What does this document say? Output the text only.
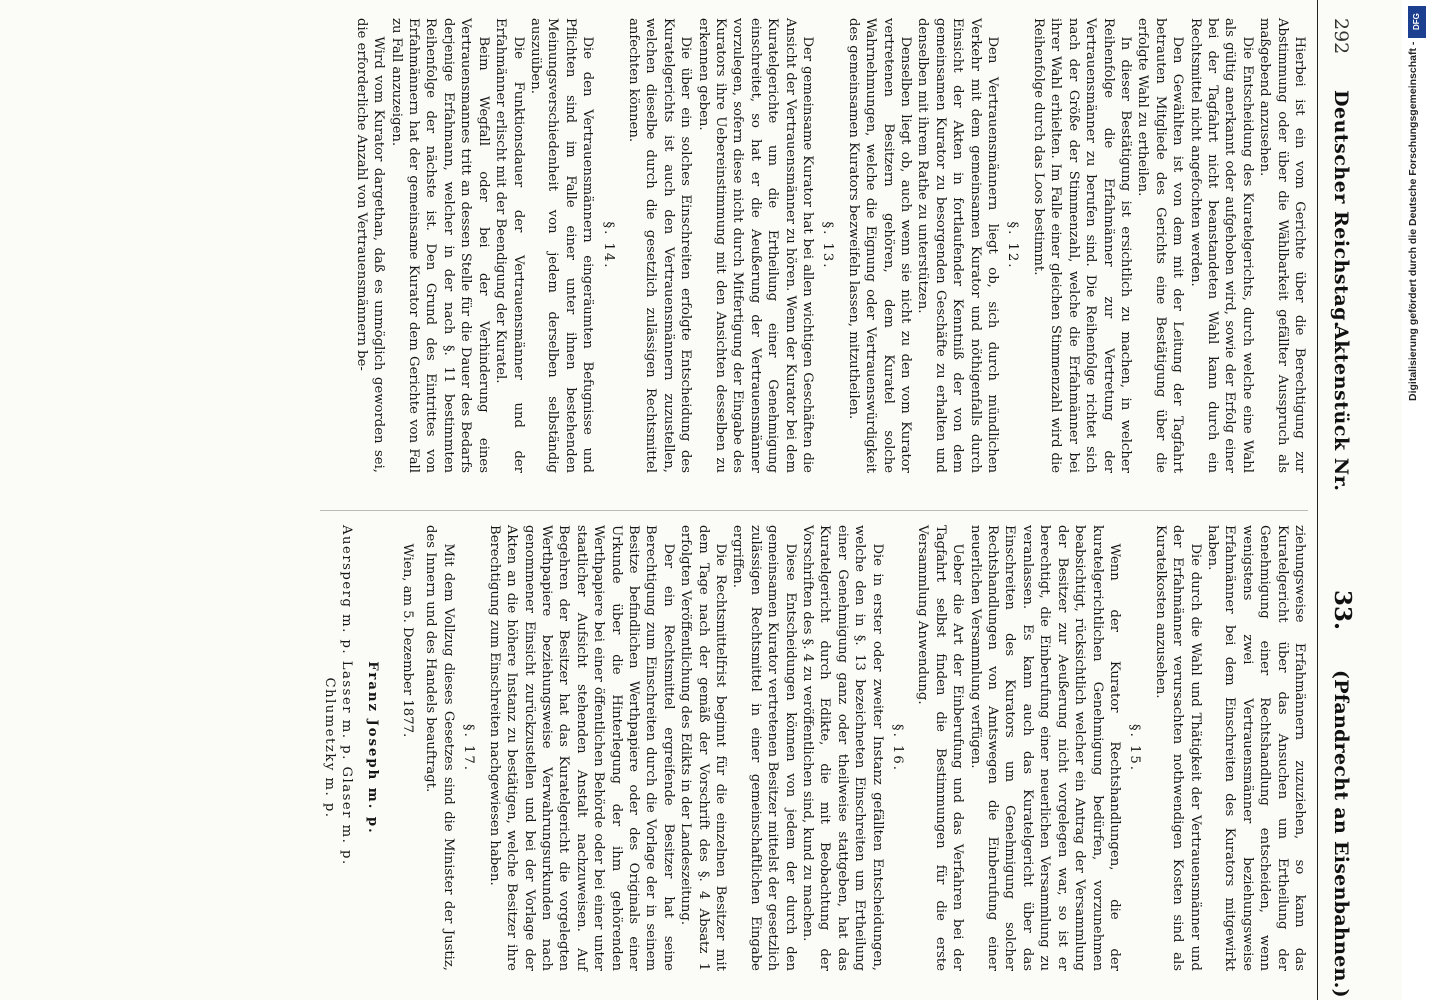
292
Deutscher Reichstag.
Aktenstück Nr.
33.
(Pfandrecht an Eisenbahnen.)

Hierbei ist ein vom Gerichte über die Berechtigung zur Abstimmung oder über die Wählbarkeit gefällter Ausspruch als maßgebend anzusehen.

Die Entscheidung des Kuratelgerichts, durch welche eine Wahl als gültig anerkannt oder aufgehoben wird, sowie der Erfolg einer bei der Tagfahrt nicht beanstandeten Wahl kann durch ein Rechtsmittel nicht angefochten werden.

Den Gewählten ist von dem mit der Leitung der Tagfahrt betrauten Mitgliede des Gerichts eine Bestätigung über die erfolgte Wahl zu ertheilen.

In dieser Bestätigung ist ersichtlich zu machen, in welcher Reihenfolge die Erfahmänner zur Vertretung der Vertrauensmänner zu berufen sind. Die Reihenfolge richtet sich nach der Größe der Stimmenzahl, welche die Erfahmänner bei ihrer Wahl erhielten. Im Falle einer gleichen Stimmenzahl wird die Reihenfolge durch das Loos bestimmt.

§. 12.

Den Vertrauensmännern liegt ob, sich durch mündlichen Verkehr mit dem gemeinsamen Kurator und nöthigenfalls durch Einsicht der Akten in fortlaufender Kenntniß der von dem gemeinsamen Kurator zu besorgenden Geschäfte zu erhalten und denselben mit ihrem Rathe zu unterstützen.

Denselben liegt ob, auch wenn sie nicht zu den vom Kurator vertretenen Besitzern gehören, dem Kuratel solche Wahrnehmungen, welche die Eignung oder Vertrauenswürdigkeit des gemeinsamen Kurators bezweifeln lassen, mitzutheilen.

§. 13.

Der gemeinsame Kurator hat bei allen wichtigen Geschäften die Ansicht der Vertrauensmänner zu hören. Wenn der Kurator bei dem Kuratelgerichte um die Ertheilung einer Genehmigung einschreitet, so hat er die Aeußerung der Vertrauensmänner vorzulegen, sofern diese nicht durch Mitfertigung der Eingabe des Kurators ihre Uebereinstimmung mit den Ansichten desselben zu erkennen geben.

Die über ein solches Einschreiten erfolgte Entscheidung des Kuratelgerichts ist auch den Vertrauensmännern zuzustellen, welchen dieselbe durch die gesetzlich zulässigen Rechtsmittel anfechten können.

§. 14.

Die den Vertrauensmännern eingeräumten Befugnisse und Pflichten sind im Falle einer unter ihnen bestehenden Meinungsverschiedenheit von jedem derselben selbständig auszuüben.

Die Funktionsdauer der Vertrauensmänner und der Erfahmänner erlischt mit der Beendigung der Kuratel.

Beim Wegfall oder bei der Verhinderung eines Vertrauensmannes tritt an dessen Stelle für die Dauer des Bedarfs derjenige Erfahmann, welcher in der nach §. 11 bestimmten Reihenfolge der nächste ist. Den Grund des Eintrittes von Erfahmännern hat der gemeinsame Kurator dem Gerichte von Fall zu Fall anzuzeigen.

Wird vom Kurator dargethan, daß es unmöglich geworden sei, die erforderliche Anzahl von Vertrauensmännern be-

ziehungsweise Erfahmännern zuzuziehen, so kann das Kuratelgericht über das Ansuchen um Ertheilung der Genehmigung einer Rechtshandlung entscheiden, wenn wenigstens zwei Vertrauensmänner beziehungsweise Erfahmänner bei dem Einschreiten des Kurators mitgewirkt haben.

Die durch die Wahl und Thätigkeit der Vertrauensmänner und der Erfahmänner verursachten nothwendigen Kosten sind als Kuratelkosten anzusehen.

§. 15.

Wenn der Kurator Rechtshandlungen, die der kuratelgerichtlichen Genehmigung bedürfen, vorzunehmen beabsichtigt, rücksichtlich welcher ein Antrag der Versammlung der Besitzer zur Aeußerung nicht vorgelegen war, so ist er berechtigt, die Einberufung einer neuerlichen Versammlung zu veranlassen. Es kann auch das Kuratelgericht über das Einschreiten des Kurators um Genehmigung solcher Rechtshandlungen von Amtswegen die Einberufung einer neuerlichen Versammlung verfügen.

Ueber die Art der Einberufung und das Verfahren bei der Tagfahrt selbst finden die Bestimmungen für die erste Versammlung Anwendung.

§. 16.

Die in erster oder zweiter Instanz gefällten Entscheidungen, welche den in §. 13 bezeichneten Einschreiten um Ertheilung einer Genehmigung ganz oder theilweise stattgeben, hat das Kuratelgericht durch Edikte, die mit Beobachtung der Vorschriften des §. 4 zu veröffentlichen sind, kund zu machen.

Diese Entscheidungen können von jedem der durch den gemeinsamen Kurator vertretenen Besitzer mittelst der gesetzlich zulässigen Rechtsmittel in einer gemeinschaftlichen Eingabe ergriffen.

Die Rechtsmittelfrist beginnt für die einzelnen Besitzer mit dem Tage nach der gemäß der Vorschrift des §. 4 Absatz 1 erfolgten Veröffentlichung des Edikts in der Landeszeitung.

Der ein Rechtsmittel ergreifende Besitzer hat seine Berechtigung zum Einschreiten durch die Vorlage der in seinem Besitze befindlichen Werthpapiere oder des Originals einer Urkunde über die Hinterlegung der ihm gehörenden Werthpapiere bei einer öffentlichen Behörde oder bei einer unter staatlicher Aufsicht stehenden Anstalt nachzuweisen. Auf Begehren der Besitzer hat das Kuratelgericht die vorgelegten Werthpapiere beziehungsweise Verwahrungsurkunden nach genommener Einsicht zurückzustellen und bei der Vorlage der Akten an die höhere Instanz zu bestätigen, welche Besitzer ihre Berechtigung zum Einschreiten nachgewiesen haben.

§. 17.

Mit dem Vollzug dieses Gesetzes sind die Minister der Justiz, des Innern und des Handels beauftragt.

Wien, am 5. Dezember 1877.

Franz Joseph m. p.

Auersperg m. p. Lasser m. p. Glaser m. p.

Chlumetzky m. p.

DFG
Digitalisierung gefördert durch die Deutsche Forschungsgemeinschaft -
